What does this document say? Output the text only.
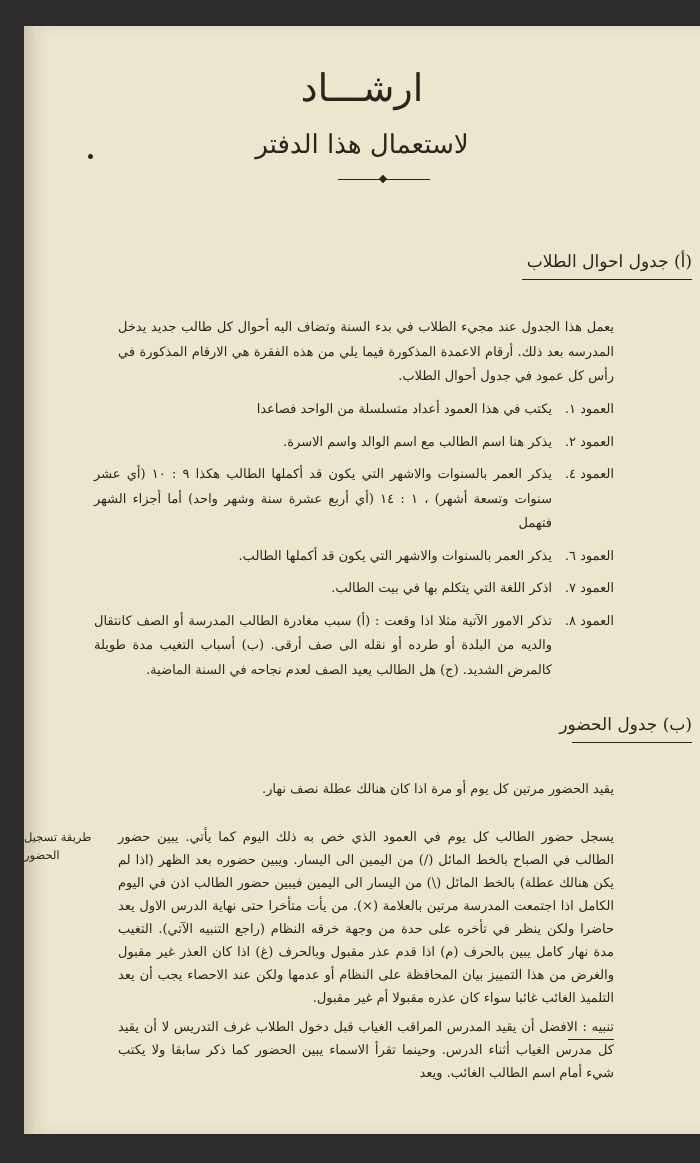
ارشـــاد
لاستعمال هذا الدفتر
(أ) جدول احوال الطلاب
يعمل هذا الجدول عند مجيء الطلاب في بدء السنة وتضاف اليه أحوال كل طالب جديد يدخل المدرسه بعد ذلك. أرقام الاعمدة المذكورة فيما يلي من هذه الفقرة هي الارقام المذكورة في رأس كل عمود في جدول أحوال الطلاب.
العمود ١.
يكتب في هذا العمود أعداد متسلسلة من الواحد فصاعدا
العمود ٢.
يذكر هنا اسم الطالب مع اسم الوالد واسم الاسرة.
العمود ٤.
يذكر العمر بالسنوات والاشهر التي يكون قد أكملها الطالب هكذا ٩ : ١٠ (أي عشر سنوات وتسعة أشهر) ، ١ : ١٤ (أي أربع عشرة سنة وشهر واحد) أما أجزاء الشهر فتهمل
العمود ٦.
يذكر العمر بالسنوات والاشهر التي يكون قد أكملها الطالب.
العمود ٧.
اذكر اللغة التي يتكلم بها في بيت الطالب.
العمود ٨.
تذكر الامور الآتية مثلا اذا وقعت : (أ) سبب مغادرة الطالب المدرسة أو الصف كانتقال والديه من البلدة أو طرده أو نقله الى صف أرقى. (ب) أسباب التغيب مدة طويلة كالمرض الشديد. (ج) هل الطالب يعيد الصف لعدم نجاحه في السنة الماضية.
(ب) جدول الحضور
يقيد الحضور مرتين كل يوم أو مرة اذا كان هنالك عطلة نصف نهار.
طريقة تسجيل الحضور
يسجل حضور الطالب كل يوم في العمود الذي خص به ذلك اليوم كما يأتي. يبين حضور الطالب في الصباح بالخط المائل (/) من اليمين الى اليسار. ويبين حضوره بعد الظهر (اذا لم يكن هنالك عطلة) بالخط المائل (\) من اليسار الى اليمين فيبين حضور الطالب اذن في اليوم الكامل اذا اجتمعت المدرسة مرتين بالعلامة (×). من يأت متأخرا حتى نهاية الدرس الاول يعد حاضرا ولكن ينظر في تأخره على حدة من وجهة خرقه النظام (راجع التنبيه الآتي). التغيب مدة نهار كامل يبين بالحرف (م) اذا قدم عذر مقبول وبالحرف (غ) اذا كان العذر غير مقبول والغرض من هذا التمييز بيان المحافظة على النظام أو عدمها ولكن عند الاحصاء يجب أن يعد التلميذ الغائب غائبا سواء كان عذره مقبولا أم غير مقبول.
تنبيه : الافضل أن يقيد المدرس المراقب الغياب قبل دخول الطلاب غرف التدريس لا أن يقيد كل مدرس الغياب أثناء الدرس. وحينما تقرأ الاسماء يبين الحضور كما ذكر سابقا ولا يكتب شيء أمام اسم الطالب الغائب. ويعد
